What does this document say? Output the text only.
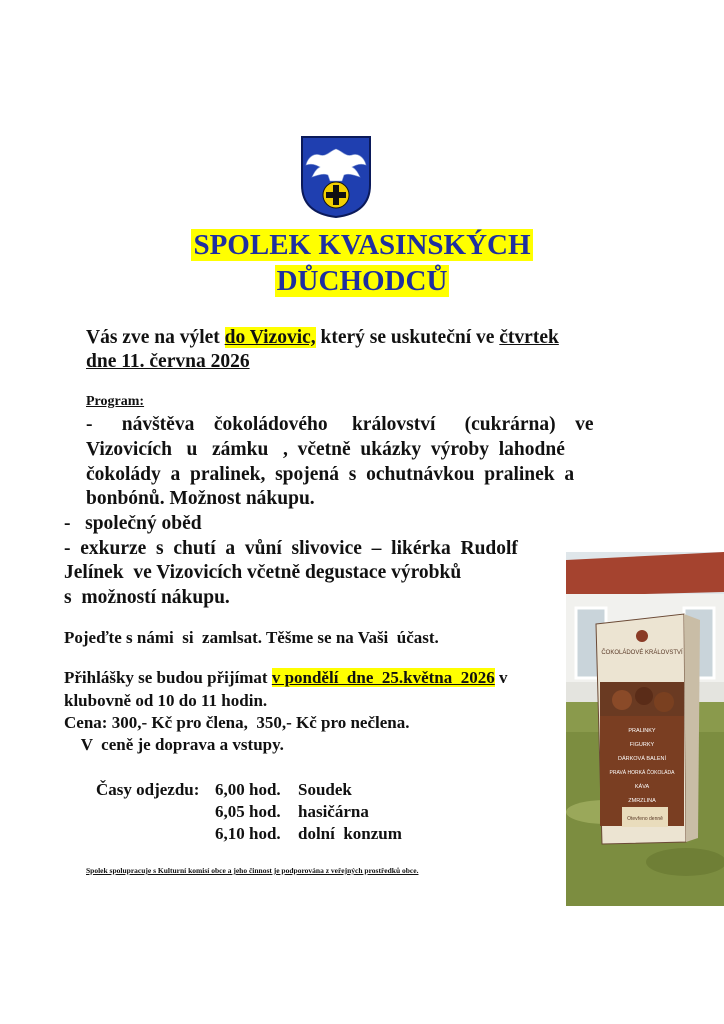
SPOLEK KVASINSKÝCH
DŮCHODCŮ
Vás zve na výlet do Vizovic, který se uskuteční ve čtvrtek
dne 11. června 2026
Program:
-      návštěva    čokoládového     království      (cukrárna)    ve
Vizovicích   u   zámku   ,  včetně  ukázky  výroby  lahodné
čokolády  a  pralinek,  spojená  s  ochutnávkou  pralinek  a
bonbónů. Možnost nákupu.
-   společný oběd
-  exkurze  s  chutí  a  vůní  slivovice  –  likérka  Rudolf
Jelínek  ve Vizovicích včetně degustace výrobků
s  možností nákupu.
Pojeďte s námi  si  zamlsat. Těšme se na Vaši  účast.
Přihlášky se budou přijímat v pondělí  dne  25.května  2026 v
klubovně od 10 do 11 hodin.
Cena: 300,- Kč pro člena,  350,- Kč pro nečlena.
V  ceně je doprava a vstupy.
Časy odjezdu: 6,00 hod. Soudek
6,05 hod. hasičárna
6,10 hod. dolní  konzum
Spolek spolupracuje s Kulturní komisí obce a jeho činnost je podporována z veřejných prostředků obce.
ČOKOLÁDOVÉ KRÁLOVSTVÍ
PRALINKY
FIGURKY
DÁRKOVÁ BALENÍ
PRAVÁ HORKÁ ČOKOLÁDA
KÁVA
ZMRZLINA
Otevřeno denně
